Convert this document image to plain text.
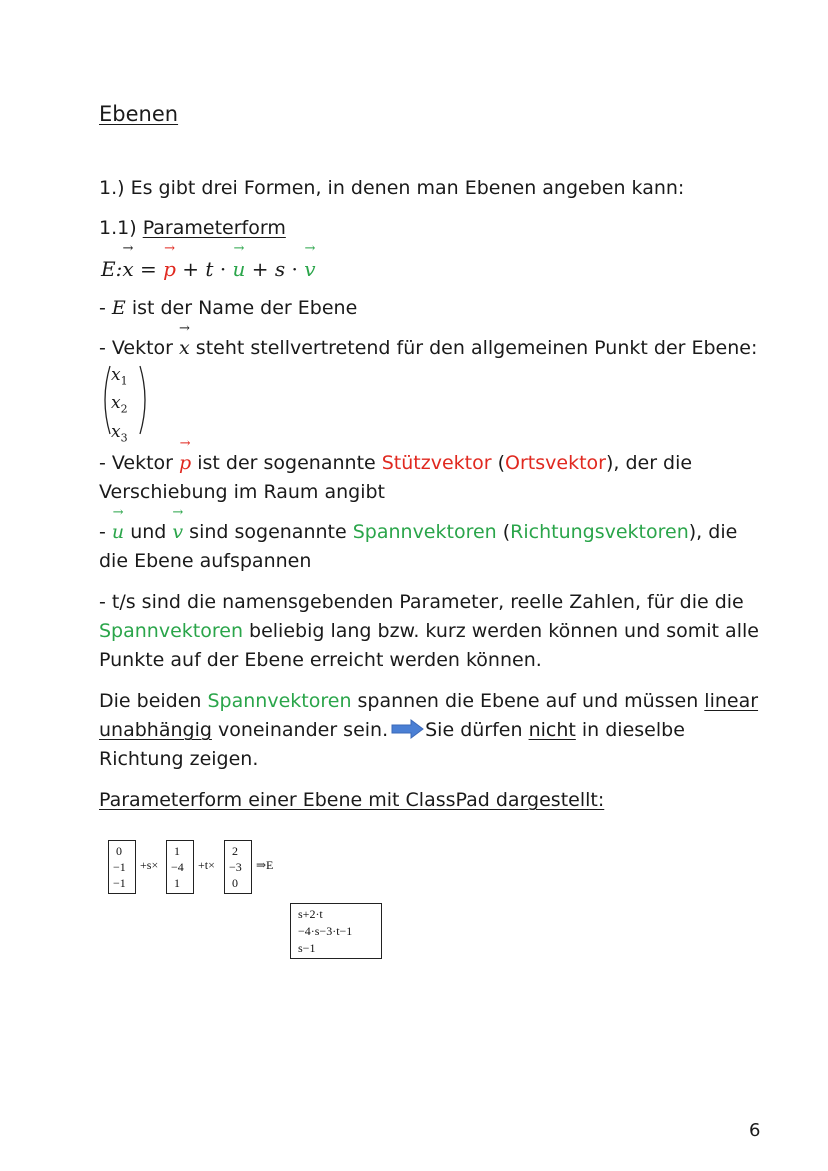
Ebenen
1.) Es gibt drei Formen, in denen man Ebenen angeben kann:
1.1) Parameterform
E:→ x = → p + t · → u + s · → v
- E ist der Name der Ebene
- Vektor → x steht stellvertretend für den allgemeinen Punkt der Ebene:
$x_1$
$x_2$
$x_3$
- Vektor → p ist der sogenannte Stützvektor (Ortsvektor), der die
Verschiebung im Raum angibt
- → u und → v sind sogenannte Spannvektoren (Richtungsvektoren), die
die Ebene aufspannen
- t/s sind die namensgebenden Parameter, reelle Zahlen, für die die
Spannvektoren beliebig lang bzw. kurz werden können und somit alle
Punkte auf der Ebene erreicht werden können.
Die beiden Spannvektoren spannen die Ebene auf und müssen linear
unabhängig voneinander sein. Sie dürfen nicht in dieselbe
Richtung zeigen.
Parameterform einer Ebene mit ClassPad dargestellt:
0
−1
−1
+s×
1
−4
1
+t×
2
−3
0
⇒E
s+2·t
−4·s−3·t−1
s−1
6
